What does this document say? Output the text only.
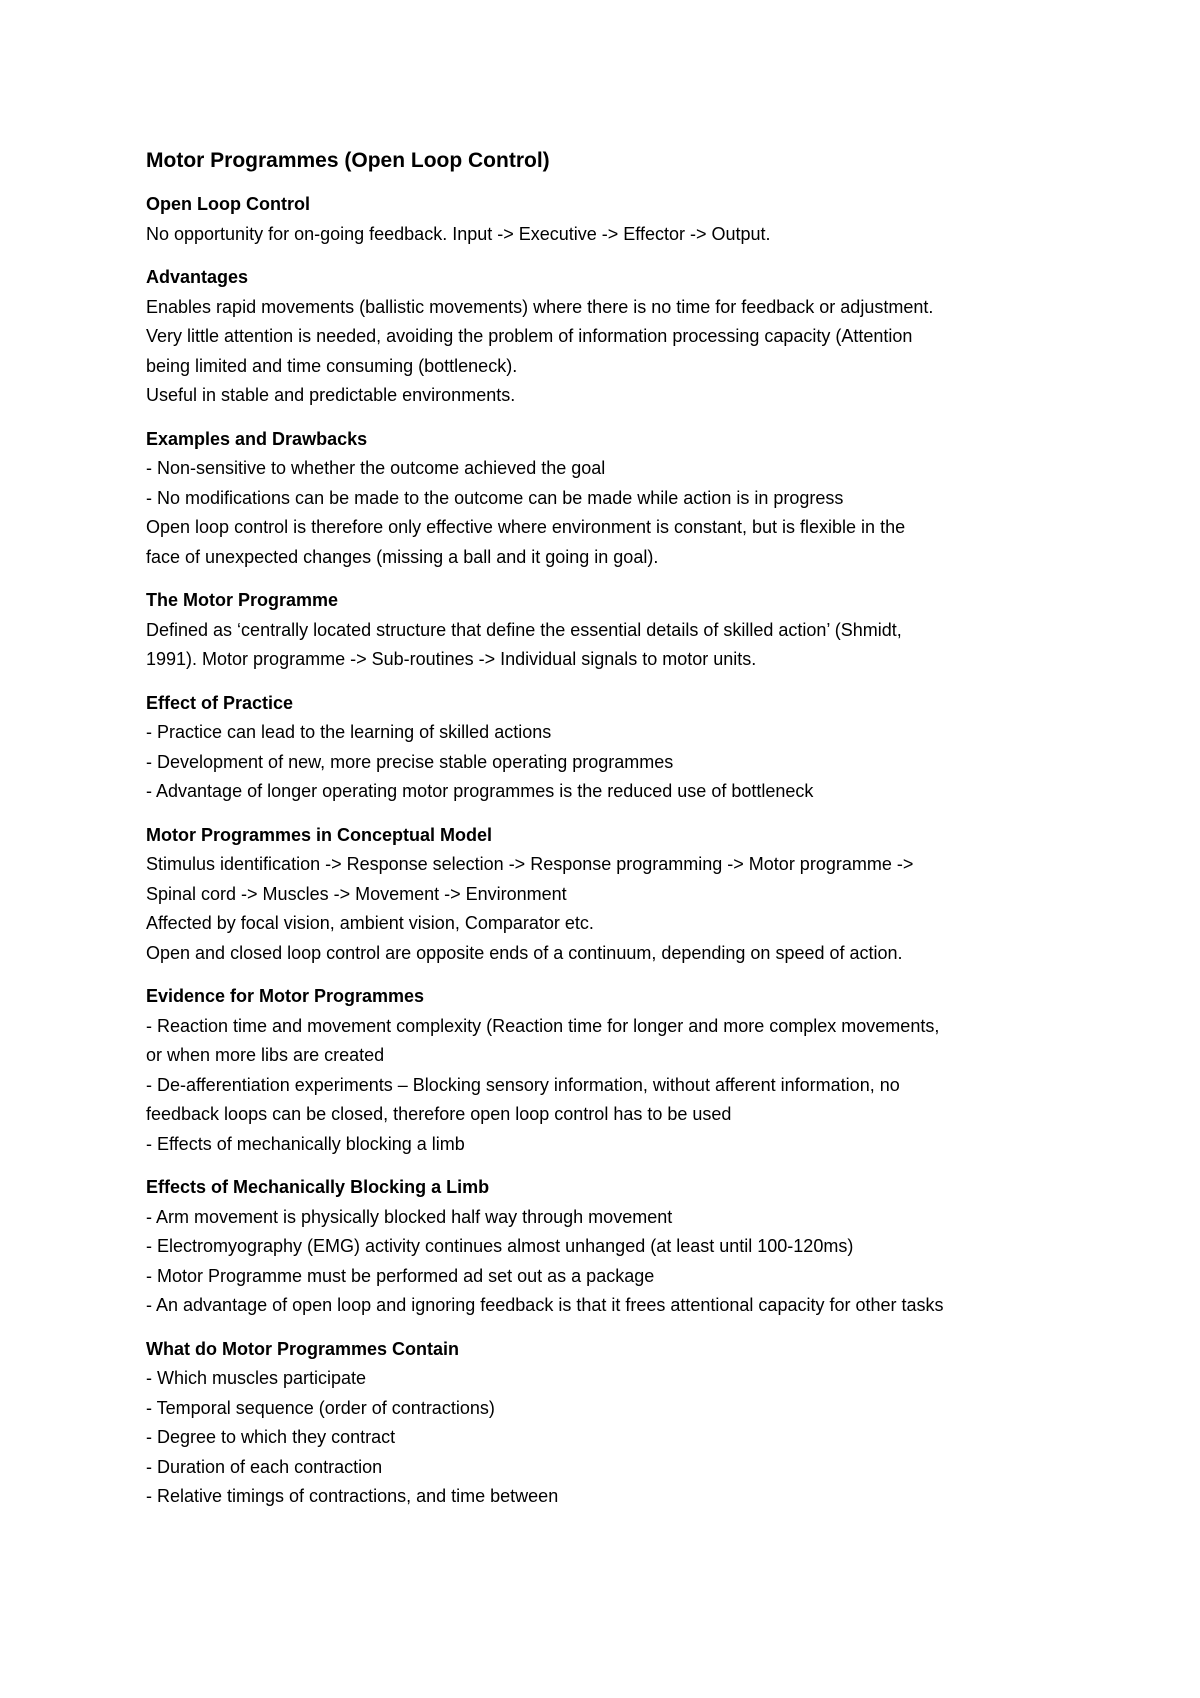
Motor Programmes (Open Loop Control)
Open Loop Control
No opportunity for on-going feedback. Input -> Executive -> Effector -> Output.
Advantages
Enables rapid movements (ballistic movements) where there is no time for feedback or adjustment.
Very little attention is needed, avoiding the problem of information processing capacity (Attention
being limited and time consuming (bottleneck).
Useful in stable and predictable environments.
Examples and Drawbacks
- Non-sensitive to whether the outcome achieved the goal
- No modifications can be made to the outcome can be made while action is in progress
Open loop control is therefore only effective where environment is constant, but is flexible in the
face of unexpected changes (missing a ball and it going in goal).
The Motor Programme
Defined as ‘centrally located structure that define the essential details of skilled action’ (Shmidt,
1991). Motor programme -> Sub-routines -> Individual signals to motor units.
Effect of Practice
- Practice can lead to the learning of skilled actions
- Development of new, more precise stable operating programmes
- Advantage of longer operating motor programmes is the reduced use of bottleneck
Motor Programmes in Conceptual Model
Stimulus identification -> Response selection -> Response programming -> Motor programme ->
Spinal cord -> Muscles -> Movement -> Environment
Affected by focal vision, ambient vision, Comparator etc.
Open and closed loop control are opposite ends of a continuum, depending on speed of action.
Evidence for Motor Programmes
- Reaction time and movement complexity (Reaction time for longer and more complex movements,
or when more libs are created
- De-afferentiation experiments – Blocking sensory information, without afferent information, no
feedback loops can be closed, therefore open loop control has to be used
- Effects of mechanically blocking a limb
Effects of Mechanically Blocking a Limb
- Arm movement is physically blocked half way through movement
- Electromyography (EMG) activity continues almost unhanged (at least until 100-120ms)
- Motor Programme must be performed ad set out as a package
- An advantage of open loop and ignoring feedback is that it frees attentional capacity for other tasks
What do Motor Programmes Contain
- Which muscles participate
- Temporal sequence (order of contractions)
- Degree to which they contract
- Duration of each contraction
- Relative timings of contractions, and time between
